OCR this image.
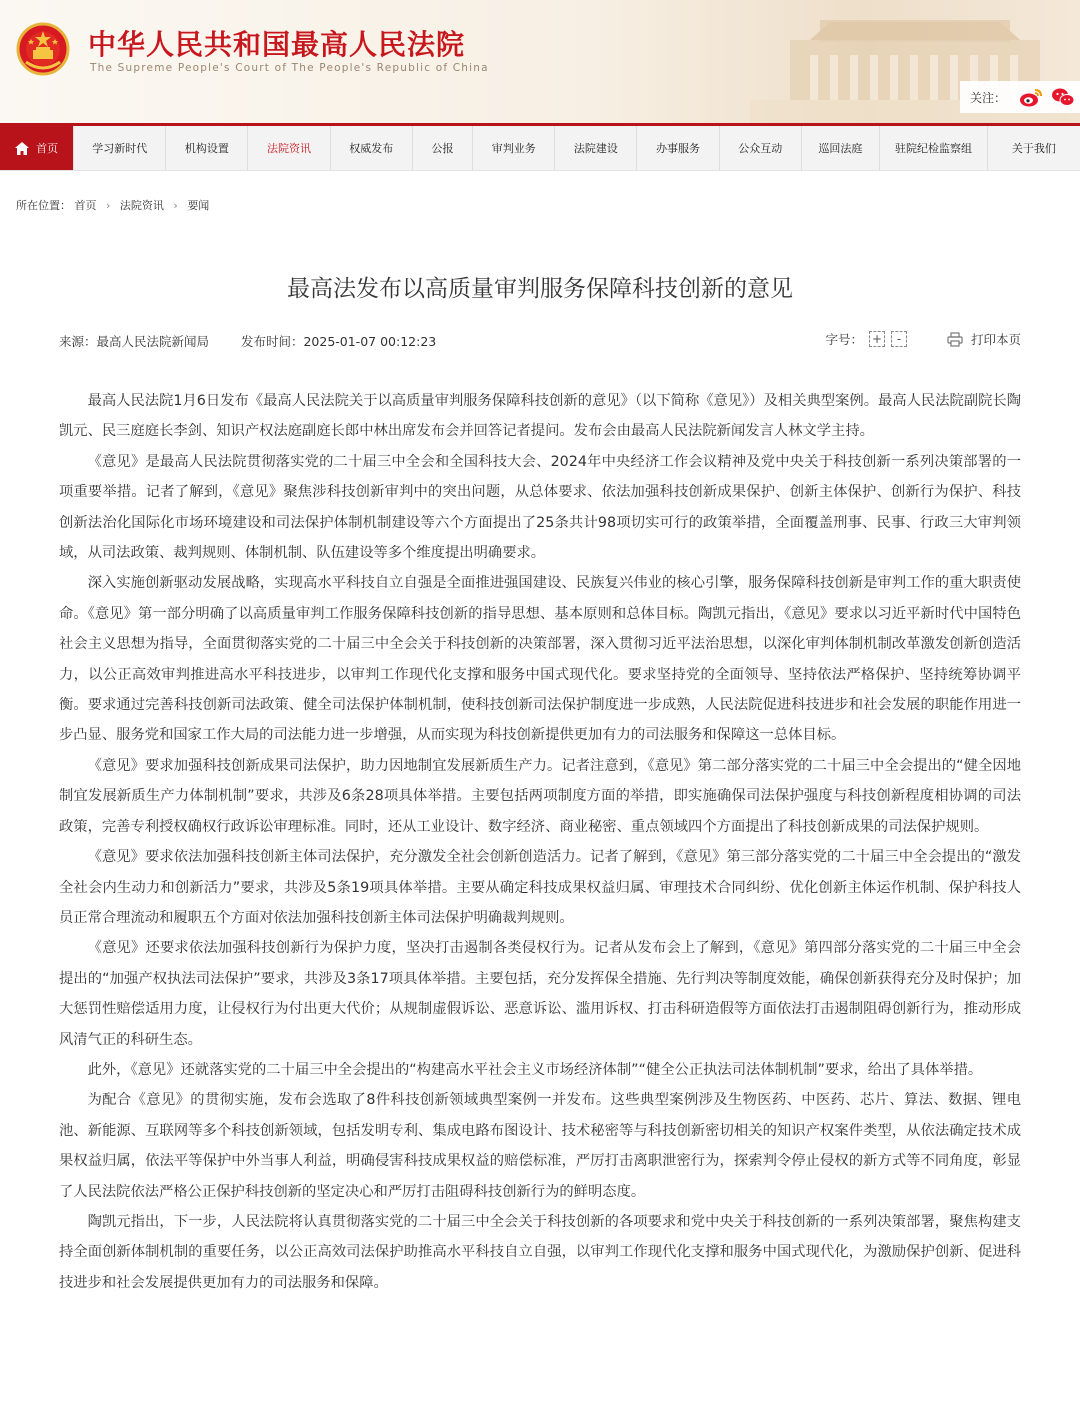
中华人民共和国最高人民法院
The Supreme People's Court of The People's Republic of China
关注：
首页	学习新时代	机构设置	法院资讯	权威发布	公报	审判业务	法院建设	办事服务	公众互动	巡回法庭	驻院纪检监察组	关于我们
所在位置： 首页 › 法院资讯 › 要闻
最高法发布以高质量审判服务保障科技创新的意见
来源：最高人民法院新闻局	发布时间：2025-01-07 00:12:23	字号： +	-	打印本页

最高人民法院1月6日发布《最高人民法院关于以高质量审判服务保障科技创新的意见》（以下简称《意见》）及相关典型案例。最高人民法院副院长陶凯元、民三庭庭长李剑、知识产权法庭副庭长郎中林出席发布会并回答记者提问。发布会由最高人民法院新闻发言人林文学主持。

《意见》是最高人民法院贯彻落实党的二十届三中全会和全国科技大会、2024年中央经济工作会议精神及党中央关于科技创新一系列决策部署的一项重要举措。记者了解到，《意见》聚焦涉科技创新审判中的突出问题，从总体要求、依法加强科技创新成果保护、创新主体保护、创新行为保护、科技创新法治化国际化市场环境建设和司法保护体制机制建设等六个方面提出了25条共计98项切实可行的政策举措，全面覆盖刑事、民事、行政三大审判领域，从司法政策、裁判规则、体制机制、队伍建设等多个维度提出明确要求。

深入实施创新驱动发展战略，实现高水平科技自立自强是全面推进强国建设、民族复兴伟业的核心引擎，服务保障科技创新是审判工作的重大职责使命。《意见》第一部分明确了以高质量审判工作服务保障科技创新的指导思想、基本原则和总体目标。陶凯元指出，《意见》要求以习近平新时代中国特色社会主义思想为指导，全面贯彻落实党的二十届三中全会关于科技创新的决策部署，深入贯彻习近平法治思想，以深化审判体制机制改革激发创新创造活力，以公正高效审判推进高水平科技进步，以审判工作现代化支撑和服务中国式现代化。要求坚持党的全面领导、坚持依法严格保护、坚持统筹协调平衡。要求通过完善科技创新司法政策、健全司法保护体制机制，使科技创新司法保护制度进一步成熟，人民法院促进科技进步和社会发展的职能作用进一步凸显、服务党和国家工作大局的司法能力进一步增强，从而实现为科技创新提供更加有力的司法服务和保障这一总体目标。

《意见》要求加强科技创新成果司法保护，助力因地制宜发展新质生产力。记者注意到，《意见》第二部分落实党的二十届三中全会提出的“健全因地制宜发展新质生产力体制机制”要求，共涉及6条28项具体举措。主要包括两项制度方面的举措，即实施确保司法保护强度与科技创新程度相协调的司法政策，完善专利授权确权行政诉讼审理标准。同时，还从工业设计、数字经济、商业秘密、重点领域四个方面提出了科技创新成果的司法保护规则。

《意见》要求依法加强科技创新主体司法保护，充分激发全社会创新创造活力。记者了解到，《意见》第三部分落实党的二十届三中全会提出的“激发全社会内生动力和创新活力”要求，共涉及5条19项具体举措。主要从确定科技成果权益归属、审理技术合同纠纷、优化创新主体运作机制、保护科技人员正常合理流动和履职五个方面对依法加强科技创新主体司法保护明确裁判规则。

《意见》还要求依法加强科技创新行为保护力度，坚决打击遏制各类侵权行为。记者从发布会上了解到，《意见》第四部分落实党的二十届三中全会提出的“加强产权执法司法保护”要求，共涉及3条17项具体举措。主要包括，充分发挥保全措施、先行判决等制度效能，确保创新获得充分及时保护；加大惩罚性赔偿适用力度，让侵权行为付出更大代价；从规制虚假诉讼、恶意诉讼、滥用诉权、打击科研造假等方面依法打击遏制阻碍创新行为，推动形成风清气正的科研生态。

此外，《意见》还就落实党的二十届三中全会提出的“构建高水平社会主义市场经济体制”“健全公正执法司法体制机制”要求，给出了具体举措。

为配合《意见》的贯彻实施，发布会选取了8件科技创新领域典型案例一并发布。这些典型案例涉及生物医药、中医药、芯片、算法、数据、锂电池、新能源、互联网等多个科技创新领域，包括发明专利、集成电路布图设计、技术秘密等与科技创新密切相关的知识产权案件类型，从依法确定技术成果权益归属，依法平等保护中外当事人利益，明确侵害科技成果权益的赔偿标准，严厉打击离职泄密行为，探索判令停止侵权的新方式等不同角度，彰显了人民法院依法严格公正保护科技创新的坚定决心和严厉打击阻碍科技创新行为的鲜明态度。

陶凯元指出，下一步，人民法院将认真贯彻落实党的二十届三中全会关于科技创新的各项要求和党中央关于科技创新的一系列决策部署，聚焦构建支持全面创新体制机制的重要任务，以公正高效司法保护助推高水平科技自立自强，以审判工作现代化支撑和服务中国式现代化，为激励保护创新、促进科技进步和社会发展提供更加有力的司法服务和保障。
